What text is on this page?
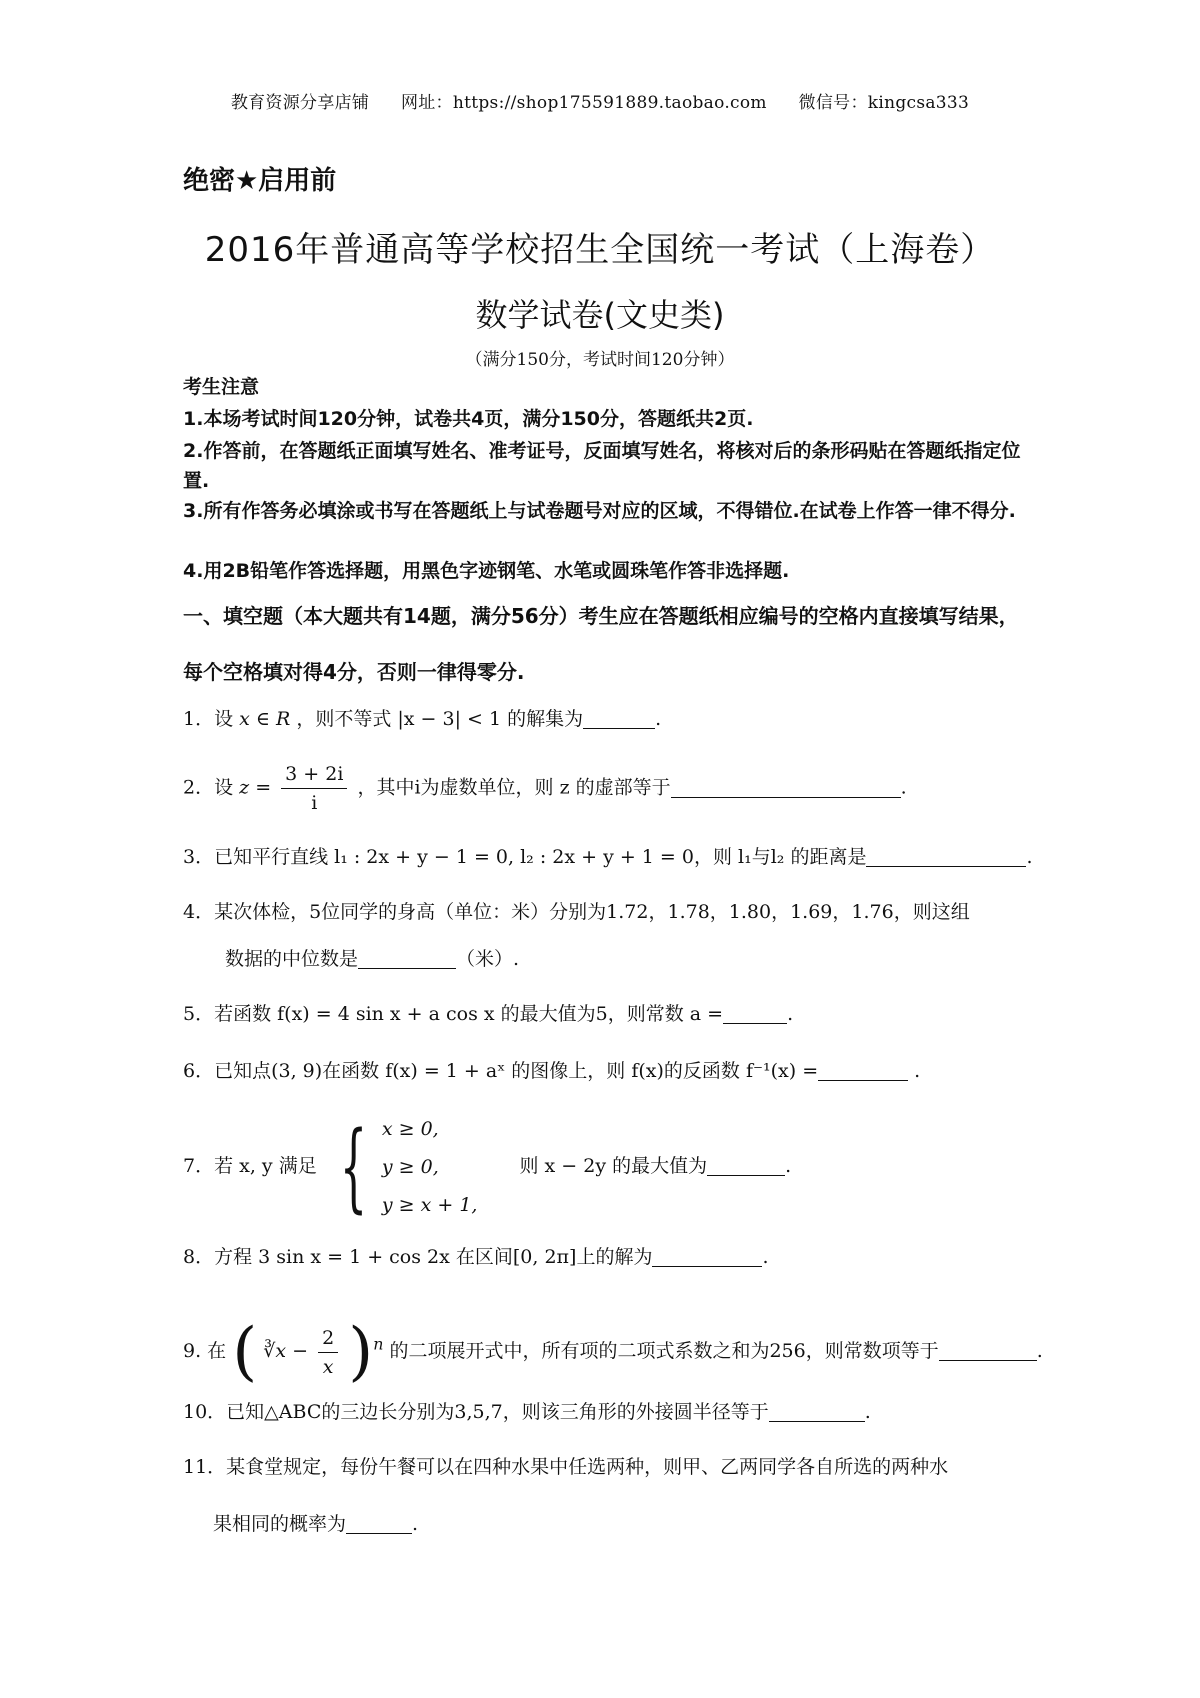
教育资源分享店铺 网址：https://shop175591889.taobao.com 微信号：kingcsa333
绝密★启用前
2016年普通高等学校招生全国统一考试（上海卷）
数学试卷(文史类)
（满分150分，考试时间120分钟）
考生注意
1.本场考试时间120分钟，试卷共4页，满分150分，答题纸共2页.
2.作答前，在答题纸正面填写姓名、准考证号，反面填写姓名，将核对后的条形码贴在答题纸指定位置.
3.所有作答务必填涂或书写在答题纸上与试卷题号对应的区域，不得错位.在试卷上作答一律不得分.
4.用2B铅笔作答选择题，用黑色字迹钢笔、水笔或圆珠笔作答非选择题.
一、填空题（本大题共有14题，满分56分）考生应在答题纸相应编号的空格内直接填写结果，每个空格填对得4分，否则一律得零分.
1．设 x ∈ R ，则不等式 |x − 3| < 1 的解集为	.
2．设 $z = \frac{3 + 2i}{i}$ ，其中i为虚数单位，则 z 的虚部等于	.
3．已知平行直线 l₁ : 2x + y − 1 = 0, l₂ : 2x + y + 1 = 0，则 l₁与l₂ 的距离是	.
4．某次体检，5位同学的身高（单位：米）分别为1.72，1.78，1.80，1.69，1.76，则这组
数据的中位数是	（米）.
5．若函数 f(x) = 4 sin x + a cos x 的最大值为5，则常数 a =	.
6．已知点(3, 9)在函数 f(x) = 1 + aˣ 的图像上，则 f(x)的反函数 f⁻¹(x) =	.
7．若 x, y 满足 { x ≥ 0,
y ≥ 0,
y ≥ x + 1,
则 x − 2y 的最大值为	.
8．方程 3 sin x = 1 + cos 2x 在区间[0, 2π]上的解为	.
9. 在 ( ∛x − $\frac{2}{x} )^n$ 的二项展开式中，所有项的二项式系数之和为256，则常数项等于	.
10．已知△ABC的三边长分别为3,5,7，则该三角形的外接圆半径等于	.
11．某食堂规定，每份午餐可以在四种水果中任选两种，则甲、乙两同学各自所选的两种水
果相同的概率为	.
